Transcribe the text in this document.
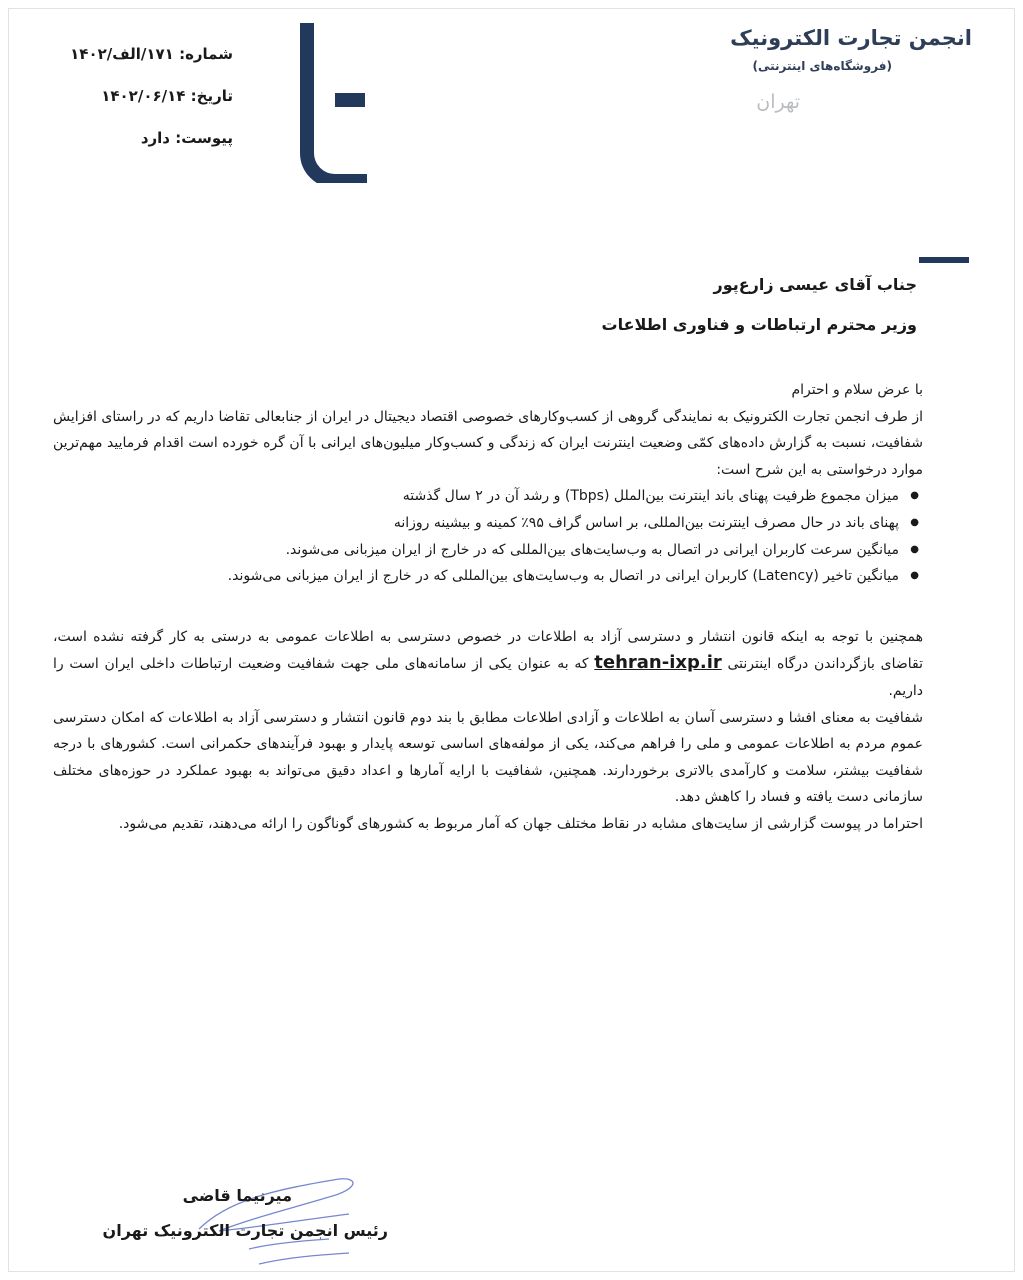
انجمن تجارت الکترونیک
(فروشگاه‌های اینترنتی)
تهران
شماره: ۱۷۱/الف/۱۴۰۲
تاریخ: ۱۴۰۲/۰۶/۱۴
پیوست: دارد
جناب آقای عیسی زارع‌پور
وزیر محترم ارتباطات و فناوری اطلاعات

با عرض سلام و احترام

از طرف انجمن تجارت الکترونیک به نمایندگی گروهی از کسب‌وکارهای خصوصی اقتصاد دیجیتال در ایران از جنابعالی تقاضا داریم که در راستای افزایش شفافیت، نسبت به گزارش داده‌های کمّی وضعیت اینترنت ایران که زندگی و کسب‌وکار میلیون‌های ایرانی با آن گره خورده است اقدام فرمایید مهم‌ترین موارد درخواستی به این شرح است:

● میزان مجموع ظرفیت پهنای باند اینترنت بین‌الملل (Tbps) و رشد آن در ۲ سال گذشته
● پهنای باند در حال مصرف اینترنت بین‌المللی، بر اساس گراف ۹۵٪ کمینه و بیشینه روزانه
● میانگین سرعت کاربران ایرانی در اتصال به وب‌سایت‌های بین‌المللی که در خارج از ایران میزبانی می‌شوند.
● میانگین تاخیر (Latency) کاربران ایرانی در اتصال به وب‌سایت‌های بین‌المللی که در خارج از ایران میزبانی می‌شوند.

همچنین با توجه به اینکه قانون انتشار و دسترسی آزاد به اطلاعات در خصوص دسترسی به اطلاعات عمومی به درستی به کار گرفته نشده است، تقاضای بازگرداندن درگاه اینترنتی tehran-ixp.ir که به عنوان یکی از سامانه‌های ملی جهت شفافیت وضعیت ارتباطات داخلی ایران است را داریم.

شفافیت به معنای افشا و دسترسی آسان به اطلاعات و آزادی اطلاعات مطابق با بند دوم قانون انتشار و دسترسی آزاد به اطلاعات که امکان دسترسی عموم مردم به اطلاعات عمومی و ملی را فراهم می‌کند، یکی از مولفه‌های اساسی توسعه پایدار و بهبود فرآیندهای حکمرانی است. کشورهای با درجه شفافیت بیشتر، سلامت و کارآمدی بالاتری برخوردارند. همچنین، شفافیت با ارایه آمارها و اعداد دقیق می‌تواند به بهبود عملکرد در حوزه‌های مختلف سازمانی دست یافته و فساد را کاهش دهد.

احتراما در پیوست گزارشی از سایت‌های مشابه در نقاط مختلف جهان که آمار مربوط به کشورهای گوناگون را ارائه می‌دهند، تقدیم می‌شود.

میرنیما قاضی
رئیس انجمن تجارت الکترونیک تهران
